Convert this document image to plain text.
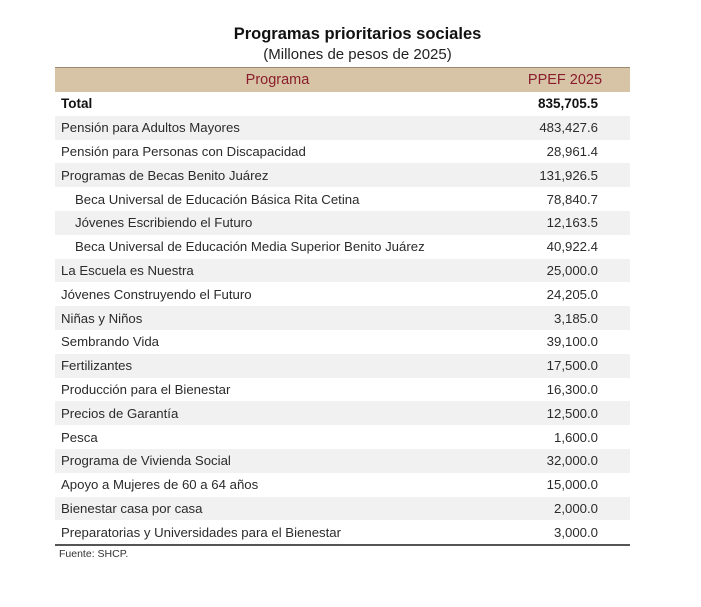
Programas prioritarios sociales
(Millones de pesos de 2025)
Programa	PPEF 2025
Total	835,705.5
Pensión para Adultos Mayores	483,427.6
Pensión para Personas con Discapacidad	28,961.4
Programas de Becas Benito Juárez	131,926.5
Beca Universal de Educación Básica Rita Cetina	78,840.7
Jóvenes Escribiendo el Futuro	12,163.5
Beca Universal de Educación Media Superior Benito Juárez	40,922.4
La Escuela es Nuestra	25,000.0
Jóvenes Construyendo el Futuro	24,205.0
Niñas y Niños	3,185.0
Sembrando Vida	39,100.0
Fertilizantes	17,500.0
Producción para el Bienestar	16,300.0
Precios de Garantía	12,500.0
Pesca	1,600.0
Programa de Vivienda Social	32,000.0
Apoyo a Mujeres de 60 a 64 años	15,000.0
Bienestar casa por casa	2,000.0
Preparatorias y Universidades para el Bienestar	3,000.0
Fuente: SHCP.
